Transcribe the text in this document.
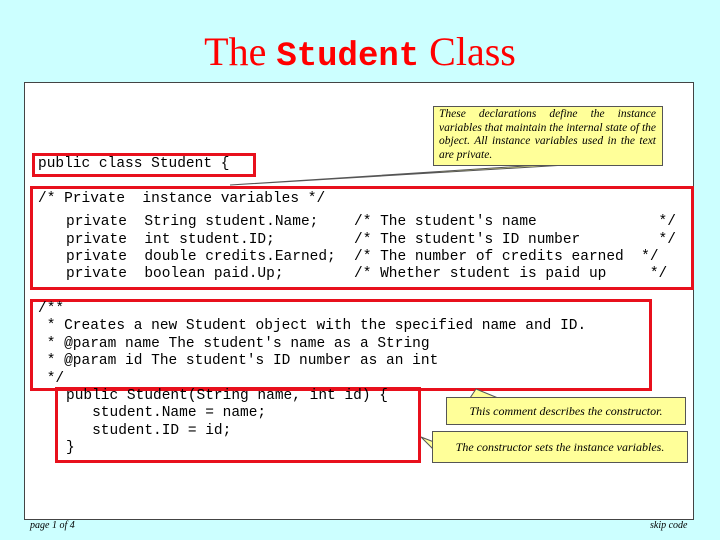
The Student Class
public class Student {
/* Private  instance variables */
private  String student.Name; /* The student's name              */
private  int student.ID; /* The student's ID number         */
private  double credits.Earned; /* The number of credits earned  */
private  boolean paid.Up; /* Whether student is paid up     */
/**
* Creates a new Student object with the specified name and ID.
* @param name The student's name as a String
* @param id The student's ID number as an int
*/
public Student(String name, int id) {
student.Name = name;
student.ID = id;
}
These declarations define the instance variables that maintain the internal state of the object. All instance variables used in the text are private.
This comment describes the constructor.
The constructor sets the instance variables.
page 1 of 4	skip code
